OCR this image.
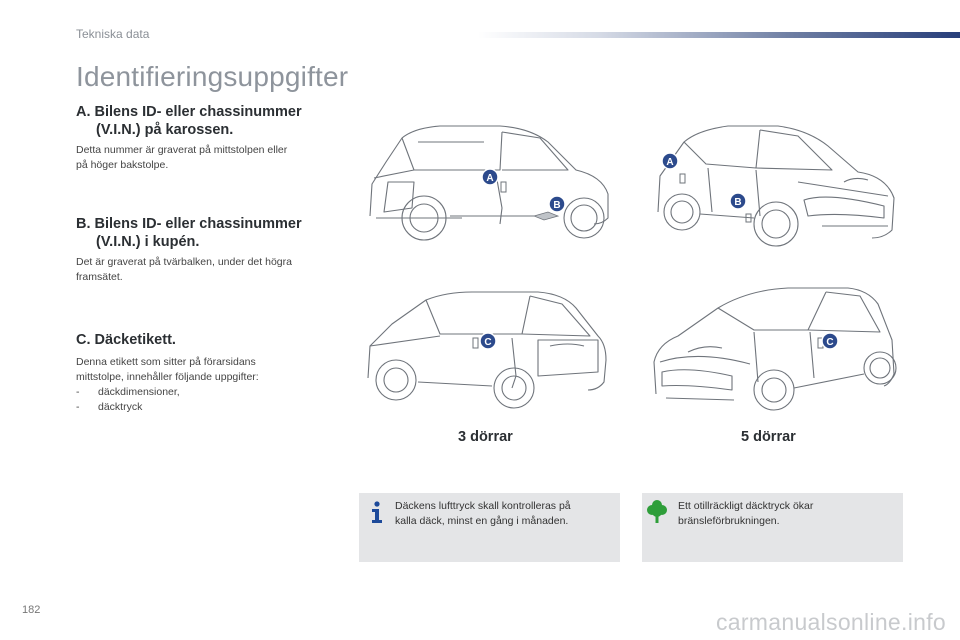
Tekniska data
Identifieringsuppgifter
A. Bilens ID- eller chassinummer
(V.I.N.) på karossen.
Detta nummer är graverat på mittstolpen eller
på höger bakstolpe.
B. Bilens ID- eller chassinummer
(V.I.N.) i kupén.
Det är graverat på tvärbalken, under det högra
framsätet.
C. Däcketikett.
Denna etikett som sitter på förarsidans
mittstolpe, innehåller följande uppgifter:
- däckdimensioner,
- däcktryck
A
B
A
B
C	C
3 dörrar	5 dörrar
Däckens lufttryck skall kontrolleras på
kalla däck, minst en gång i månaden.
Ett otillräckligt däcktryck ökar
bränsleförbrukningen.
182	carmanualsonline.info
